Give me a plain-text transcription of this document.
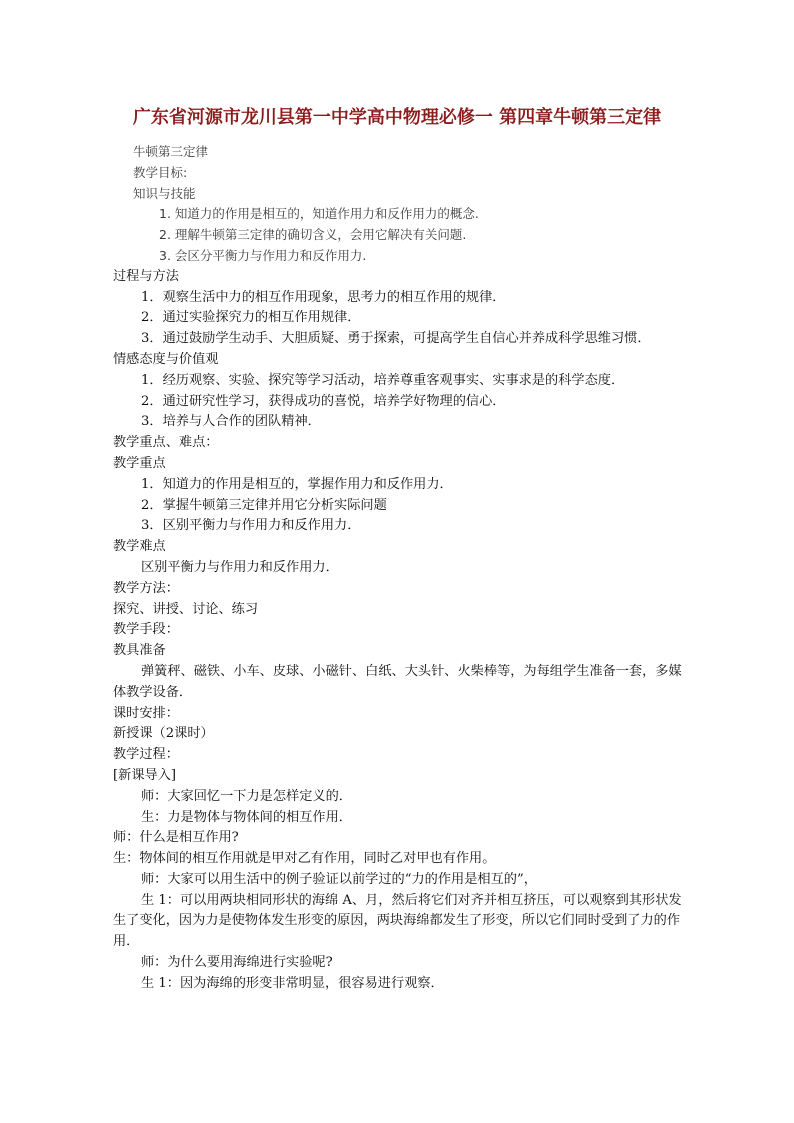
广东省河源市龙川县第一中学高中物理必修一 第四章牛顿第三定律
牛顿第三定律
教学目标:
知识与技能
1. 知道力的作用是相互的，知道作用力和反作用力的概念.
2. 理解牛顿第三定律的确切含义，会用它解决有关问题.
3. 会区分平衡力与作用力和反作用力.
过程与方法
1．观察生活中力的相互作用现象，思考力的相互作用的规律．
2．通过实验探究力的相互作用规律．
3．通过鼓励学生动手、大胆质疑、勇于探索，可提高学生自信心并养成科学思维习惯．
情感态度与价值观
1．经历观察、实验、探究等学习活动，培养尊重客观事实、实事求是的科学态度．
2．通过研究性学习，获得成功的喜悦，培养学好物理的信心．
3．培养与人合作的团队精神．
教学重点、难点：
教学重点
1．知道力的作用是相互的，掌握作用力和反作用力．
2．掌握牛顿第三定律并用它分析实际问题
3．区别平衡力与作用力和反作用力．
教学难点
区别平衡力与作用力和反作用力．
教学方法：
探究、讲授、讨论、练习
教学手段：
教具准备
弹簧秤、磁铁、小车、皮球、小磁针、白纸、大头针、火柴棒等，为每组学生准备一套，多媒体教学设备．
课时安排：
新授课（2课时）
教学过程：
[新课导入]
师：大家回忆一下力是怎样定义的．
生：力是物体与物体间的相互作用．
师：什么是相互作用?
生：物体间的相互作用就是甲对乙有作用，同时乙对甲也有作用。
师：大家可以用生活中的例子验证以前学过的“力的作用是相互的”，
生 1：可以用两块相同形状的海绵 A、月，然后将它们对齐并相互挤压，可以观察到其形状发生了变化，因为力是使物体发生形变的原因，两块海绵都发生了形变，所以它们同时受到了力的作用．
师：为什么要用海绵进行实验呢?
生 1：因为海绵的形变非常明显，很容易进行观察．
